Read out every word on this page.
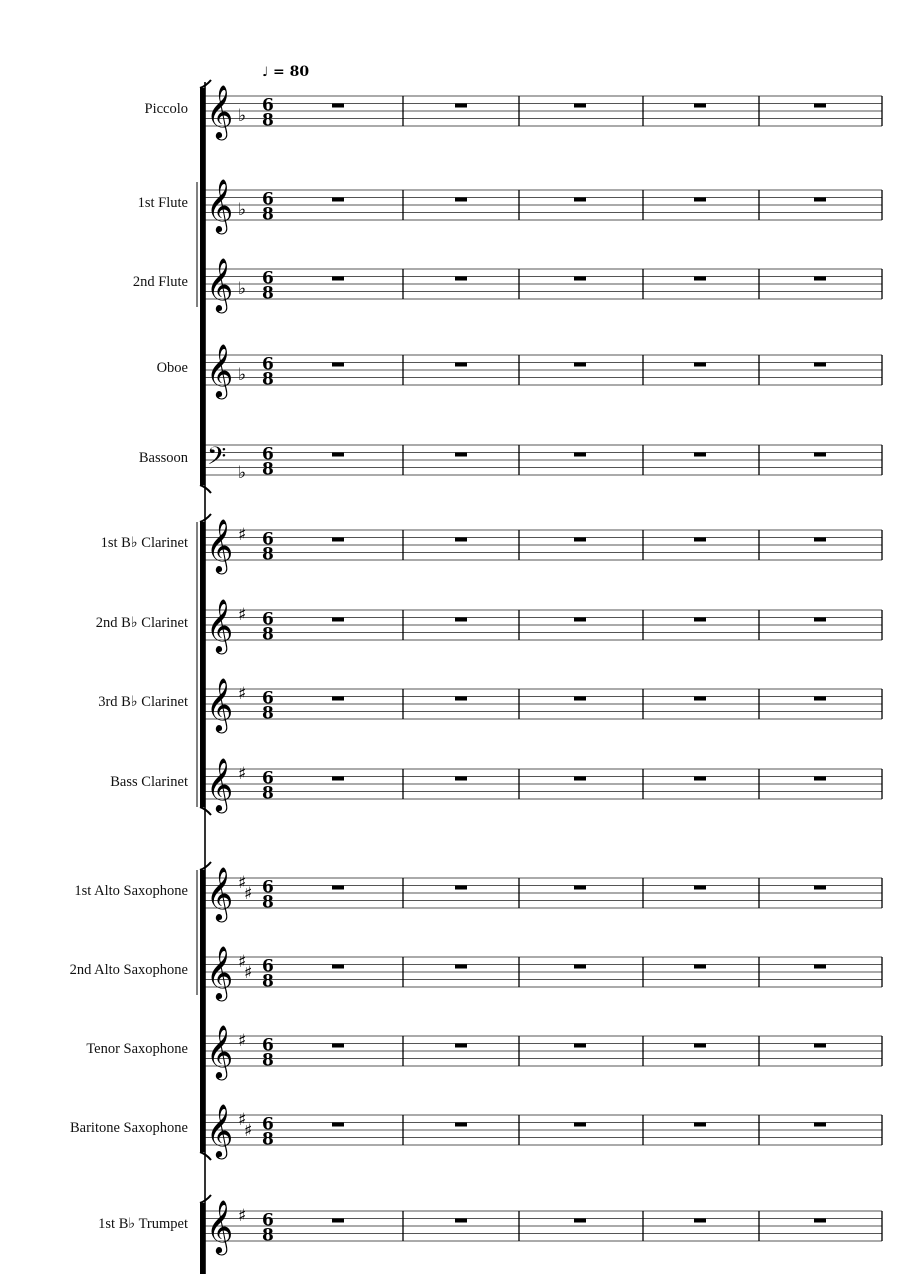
♩ = 80
Piccolo
1st Flute
2nd Flute
Oboe
Bassoon
1st B♭ Clarinet
2nd B♭ Clarinet
3rd B♭ Clarinet
Bass Clarinet
1st Alto Saxophone
2nd Alto Saxophone
Tenor Saxophone
Baritone Saxophone
1st B♭ Trumpet
𝄞 ♭
6
8
𝄞 ♭
6
8
𝄞 ♭
6
8
𝄞 ♭
6
8
𝄢 ♭
6
8
𝄞 ♯ 6
8
𝄞 ♯ 6
8
𝄞 ♯ 6
8
𝄞 ♯ 6
8
𝄞 ♯
♯ 6
8
𝄞 ♯
♯ 6
8
𝄞 ♯ 6
8
𝄞 ♯
♯ 6
8
𝄞 ♯ 6
8
